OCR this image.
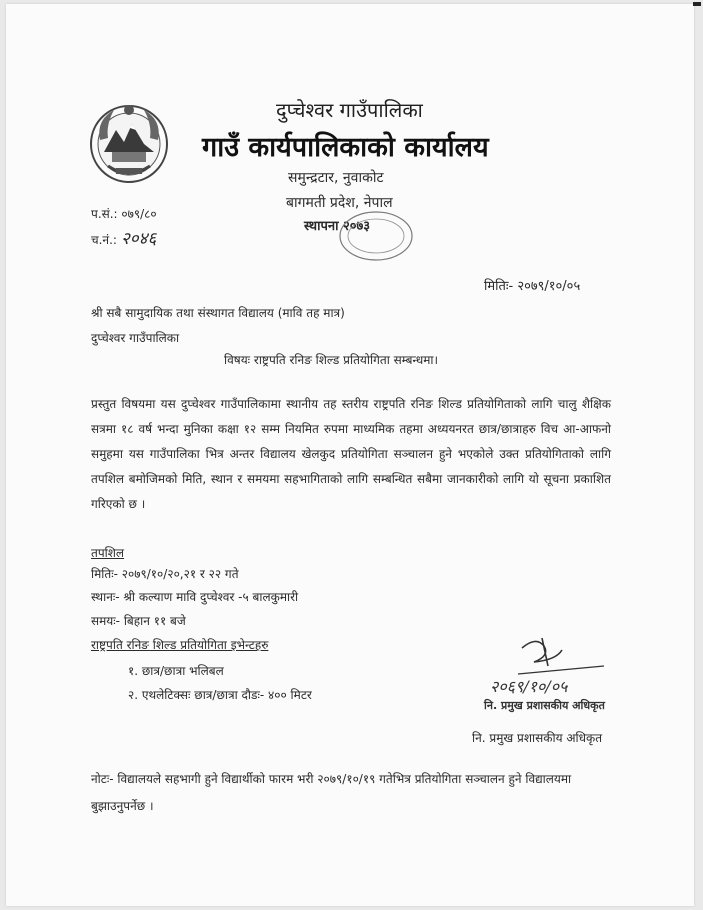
दुप्चेश्वर गाउँपालिका
गाउँ कार्यपालिकाको कार्यालय
समुन्द्रटार, नुवाकोट
बागमती प्रदेश, नेपाल
स्थापना २०७३
प.सं.: ०७९/८०
च.नं.: २०४६
मितिः- २०७९/१०/०५
श्री सबै सामुदायिक तथा संस्थागत विद्यालय (मावि तह मात्र)
दुप्चेश्वर गाउँपालिका
विषयः राष्ट्रपति रनिङ शिल्ड प्रतियोगिता सम्बन्धमा।
प्रस्तुत विषयमा यस दुप्चेश्वर गाउँपालिकामा स्थानीय तह स्तरीय राष्ट्रपति रनिङ शिल्ड प्रतियोगिताको लागि चालु शैक्षिक सत्रमा १८ वर्ष भन्दा मुनिका कक्षा १२ सम्म नियमित रुपमा माध्यमिक तहमा अध्ययनरत छात्र/छात्राहरु विच आ-आफनो समुहमा यस गाउँपालिका भित्र अन्तर विद्यालय खेलकुद प्रतियोगिता सञ्चालन हुने भएकोले उक्त प्रतियोगिताको लागि तपशिल बमोजिमको मिति, स्थान र समयमा सहभागिताको लागि सम्बन्धित सबैमा जानकारीको लागि यो सूचना प्रकाशित गरिएको छ ।
तपशिल
मितिः- २०७९/१०/२०,२१ र २२ गते
स्थानः- श्री कल्याण मावि दुप्चेश्वर -५ बालकुमारी
समयः- बिहान ११ बजे
राष्ट्रपति रनिङ शिल्ड प्रतियोगिता इभेन्टहरु
१. छात्र/छात्रा भलिबल
२. एथलेटिक्सः छात्र/छात्रा दौडः- ४०० मिटर	२०६९/१०/०५
नि. प्रमुख प्रशासकीय अधिकृत
नि. प्रमुख प्रशासकीय अधिकृत
नोटः- विद्यालयले सहभागी हुने विद्यार्थीको फारम भरी २०७९/१०/१९ गतेभित्र प्रतियोगिता सञ्चालन हुने विद्यालयमा बुझाउनुपर्नेछ ।
